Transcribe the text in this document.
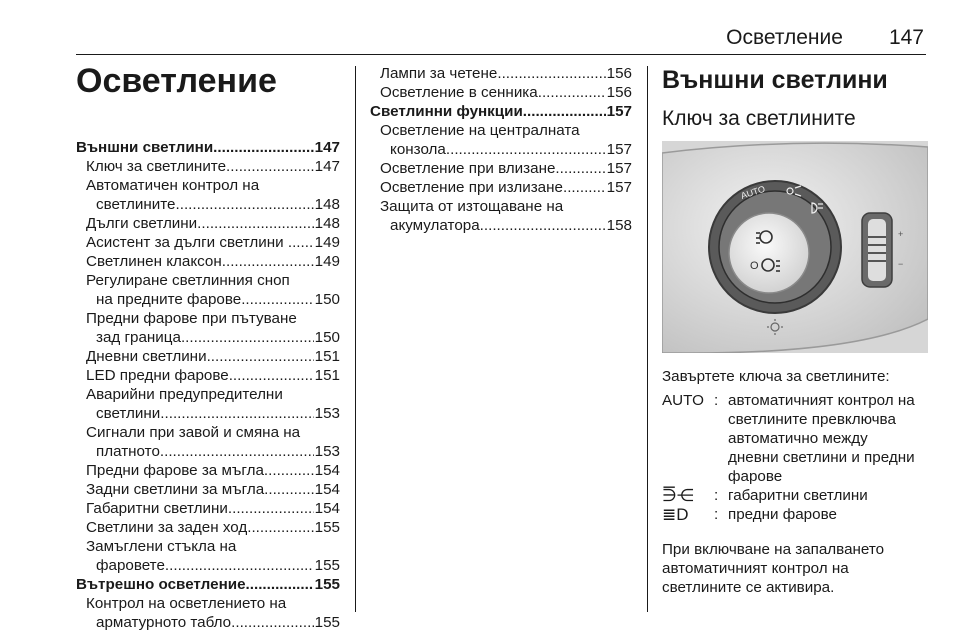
Осветление 147
Осветление
Външни светлини .....	147
Ключ за светлините .....	147
Автоматичен контрол на
светлините .....	148
Дълги светлини .....	148
Асистент за дълги светлини . ..... 149
Светлинен клаксон .....	149
Регулиране светлинния сноп
на предните фарове .....	150
Предни фарове при пътуване
зад граница .....	150
Дневни светлини .....	151
LED предни фарове .....	151
Аварийни предупредителни
светлини .....	153
Сигнали при завой и смяна на
платното .....	153
Предни фарове за мъгла .....	154
Задни светлини за мъгла .....	154
Габаритни светлини .....	154
Светлини за заден ход .....	155
Замъглени стъкла на
фаровете .....	155
Вътрешно осветление .....	155
Контрол на осветлението на
арматурното табло .....	155
Лампи за четене .....	156
Осветление в сенника .....	156
Светлинни функции .....	157
Осветление на централната
конзола .....	157
Осветление при влизане .....	157
Осветление при излизане .....	157
Защита от изтощаване на
акумулатора .....	158
Външни светлини
Ключ за светлините
AUTO
O
+
−
Завъртете ключа за светлините:
AUTO : автоматичният контрол на
светлините превключва
автоматично между
дневни светлини и предни
фарове
⋽⋲	: габаритни светлини
≣D	: предни фарове
При включване на запалването
автоматичният контрол на
светлините се активира.
